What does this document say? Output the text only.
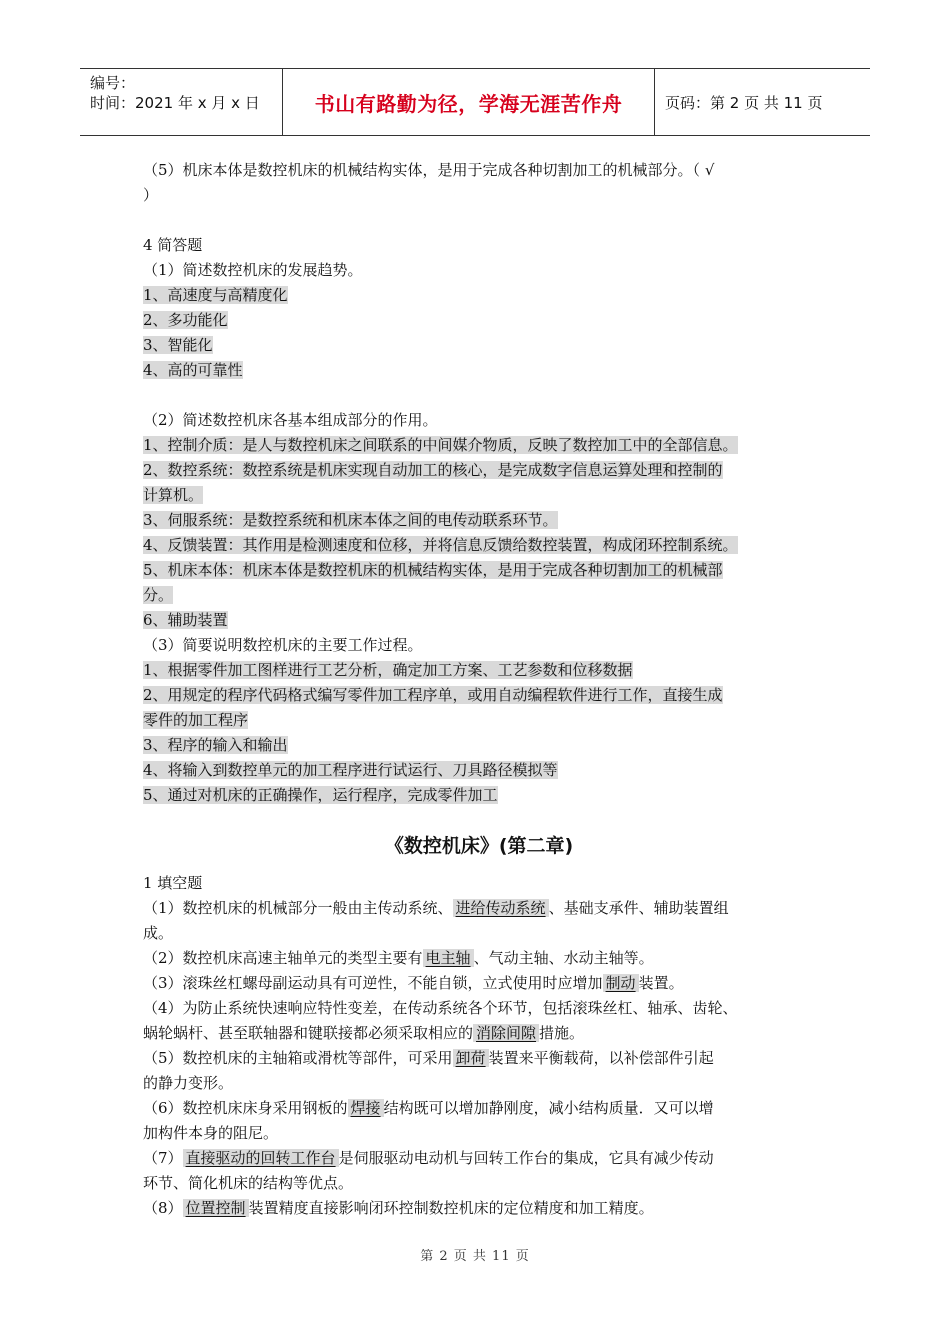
编号：
时间：2021 年 x 月 x 日	书山有路勤为径，学海无涯苦作舟	页码：第 2 页 共 11 页
（5）机床本体是数控机床的机械结构实体，是用于完成各种切割加工的机械部分。（ √
）
4 简答题
（1）简述数控机床的发展趋势。
1、高速度与高精度化
2、多功能化
3、智能化
4、高的可靠性
（2）简述数控机床各基本组成部分的作用。
1、控制介质：是人与数控机床之间联系的中间媒介物质，反映了数控加工中的全部信息。
2、数控系统：数控系统是机床实现自动加工的核心，是完成数字信息运算处理和控制的
计算机。
3、伺服系统：是数控系统和机床本体之间的电传动联系环节。
4、反馈装置：其作用是检测速度和位移，并将信息反馈给数控装置，构成闭环控制系统。
5、机床本体：机床本体是数控机床的机械结构实体，是用于完成各种切割加工的机械部
分。
6、辅助装置
（3）简要说明数控机床的主要工作过程。
1、根据零件加工图样进行工艺分析，确定加工方案、工艺参数和位移数据
2、用规定的程序代码格式编写零件加工程序单，或用自动编程软件进行工作，直接生成
零件的加工程序
3、程序的输入和输出
4、将输入到数控单元的加工程序进行试运行、刀具路径模拟等
5、通过对机床的正确操作，运行程序，完成零件加工
《数控机床》(第二章)
1 填空题
（1）数控机床的机械部分一般由主传动系统、 进给传动系统 、基础支承件、辅助装置组
成。
（2）数控机床高速主轴单元的类型主要有 电主轴 、气动主轴、水动主轴等。
（3）滚珠丝杠螺母副运动具有可逆性，不能自锁，立式使用时应增加 制动 装置。
（4）为防止系统快速响应特性变差，在传动系统各个环节，包括滚珠丝杠、轴承、齿轮、
蜗轮蜗杆、甚至联轴器和键联接都必须采取相应的 消除间隙 措施。
（5）数控机床的主轴箱或滑枕等部件，可采用 卸荷 装置来平衡载荷，以补偿部件引起
的静力变形。
（6）数控机床床身采用钢板的 焊接 结构既可以增加静刚度，减小结构质量．又可以增
加构件本身的阻尼。
（7） 直接驱动的回转工作台 是伺服驱动电动机与回转工作台的集成，它具有减少传动
环节、简化机床的结构等优点。
（8） 位置控制 装置精度直接影响闭环控制数控机床的定位精度和加工精度。
第 2 页 共 11 页
